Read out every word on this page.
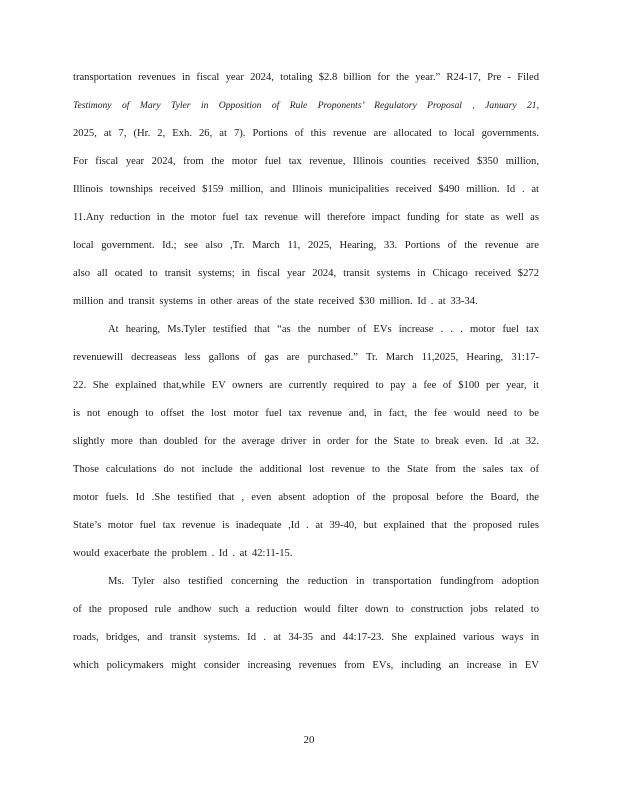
transportation revenues in fiscal year 2024, totaling $2.8 billion for the year.” R24-17, Pre - Filed
Testimony of Mary Tyler in Opposition of Rule Proponents’ Regulatory Proposal , January 21,
2025, at 7, (Hr. 2, Exh. 26, at 7). Portions of this revenue are allocated to local governments.
For fiscal year 2024, from the motor fuel tax revenue, Illinois counties received $350 million,
Illinois townships received $159 million, and Illinois municipalities received $490 million. Id . at
11.Any reduction in the motor fuel tax revenue will therefore impact funding for state as well as
local government. Id.; see also ,Tr. March 11, 2025, Hearing, 33. Portions of the revenue are
also all ocated to transit systems; in fiscal year 2024, transit systems in Chicago received $272
million and transit systems in other areas of the state received $30 million. Id . at 33-34.
At hearing, Ms.Tyler testified that “as the number of EVs increase . . . motor fuel tax
revenuewill decreaseas less gallons of gas are purchased.” Tr. March 11,2025, Hearing, 31:17-
22. She explained that,while EV owners are currently required to pay a fee of $100 per year, it
is not enough to offset the lost motor fuel tax revenue and, in fact, the fee would need to be
slightly more than doubled for the average driver in order for the State to break even. Id .at 32.
Those calculations do not include the additional lost revenue to the State from the sales tax of
motor fuels. Id .She testified that , even absent adoption of the proposal before the Board, the
State’s motor fuel tax revenue is inadequate ,Id . at 39-40, but explained that the proposed rules
would exacerbate the problem . Id . at 42:11-15.
Ms. Tyler also testified concerning the reduction in transportation fundingfrom adoption
of the proposed rule andhow such a reduction would filter down to construction jobs related to
roads, bridges, and transit systems. Id . at 34-35 and 44:17-23. She explained various ways in
which policymakers might consider increasing revenues from EVs, including an increase in EV
20
